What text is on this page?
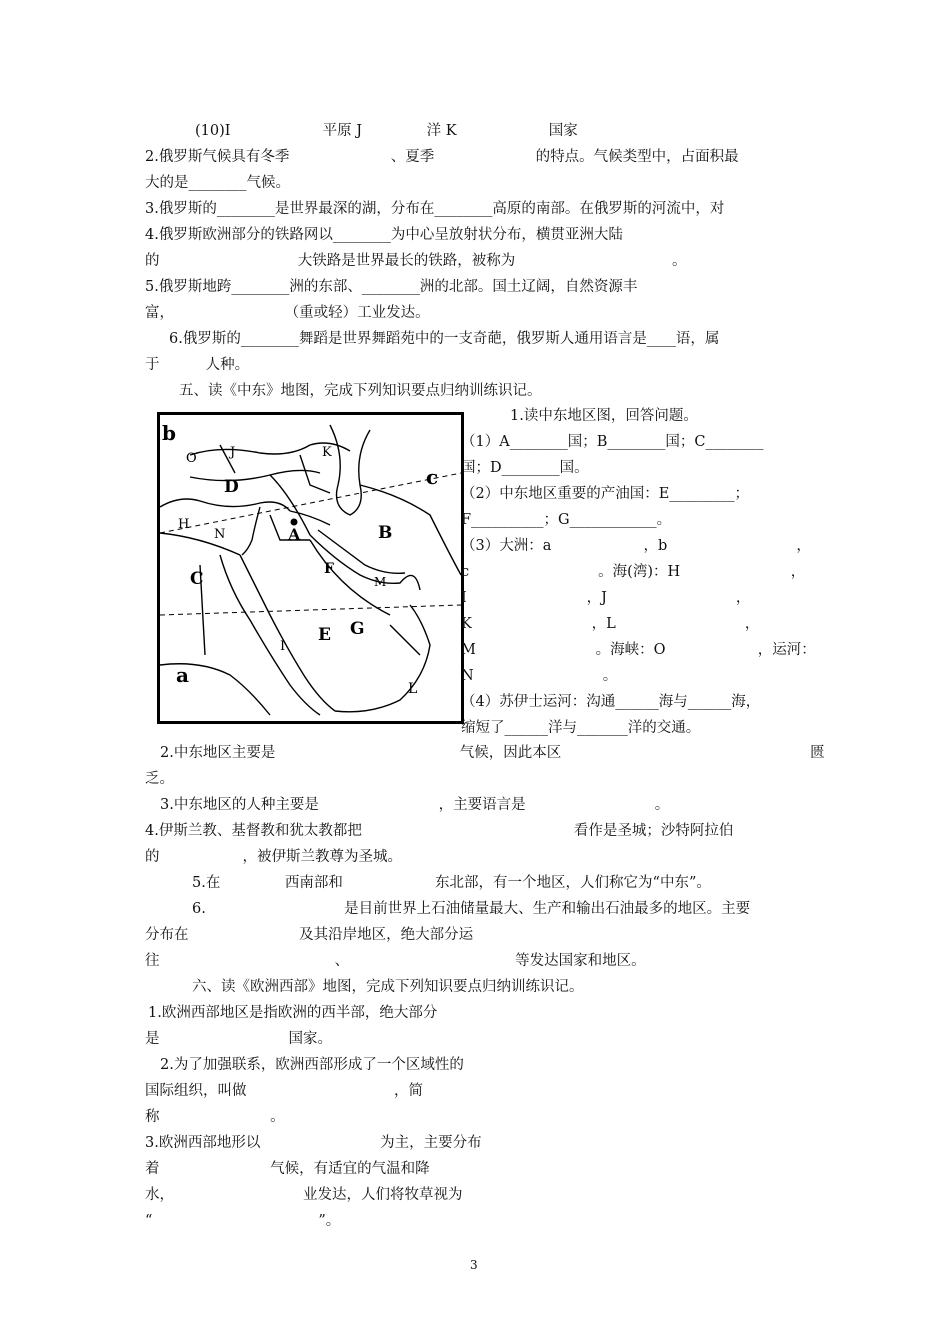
(10)I                    平原 J              洋 K                    国家
2.俄罗斯气候具有冬季                      、夏季                      的特点。气候类型中，占面积最
大的是________气候。
3.俄罗斯的________是世界最深的湖，分布在________高原的南部。在俄罗斯的河流中，对
4.俄罗斯欧洲部分的铁路网以________为中心呈放射状分布，横贯亚洲大陆
的                              大铁路是世界最长的铁路，被称为                                  。
5.俄罗斯地跨________洲的东部、________洲的北部。国土辽阔，自然资源丰
富，                        （重或轻）工业发达。
6.俄罗斯的________舞蹈是世界舞蹈苑中的一支奇葩，俄罗斯人通用语言是____语，属
于          人种。
五、读《中东》地图，完成下列知识要点归纳训练识记。
b
O	J	K
c
D
H
N	A	B
C	F
M
I
E G
a
L
1.读中东地区图，回答问题。
（1）A________国；B________国；C________
国；D________国。
（2）中东地区重要的产油国：E_________；
F__________；G____________。
（3）大洲：a                    ，b                            ，
c                            。海(湾)：H                        ，
I                          ，J                            ，
K                          ，L                            ，
M                          。海峡：O                    ，运河：
N                            。
（4）苏伊士运河：沟通______海与______海，
缩短了______洋与_______洋的交通。
2.中东地区主要是                                        气候，因此本区                                                      匮
乏。
3.中东地区的人种主要是                          ，主要语言是                            。
4.伊斯兰教、基督教和犹太教都把                                              看作是圣城；沙特阿拉伯
的                  ，被伊斯兰教尊为圣城。
5.在              西南部和                    东北部，有一个地区，人们称它为“中东”。
6.                              是目前世界上石油储量最大、生产和输出石油最多的地区。主要
分布在                        及其沿岸地区，绝大部分运
往                                      、                                    等发达国家和地区。
六、读《欧洲西部》地图，完成下列知识要点归纳训练识记。
1.欧洲西部地区是指欧洲的西半部，绝大部分
是                            国家。
2.为了加强联系，欧洲西部形成了一个区域性的
国际组织，叫做                                ，简
称                        。
3.欧洲西部地形以                          为主，主要分布
着                        气候，有适宜的气温和降
水，                            业发达，人们将牧草视为
“                                    ”。
3
